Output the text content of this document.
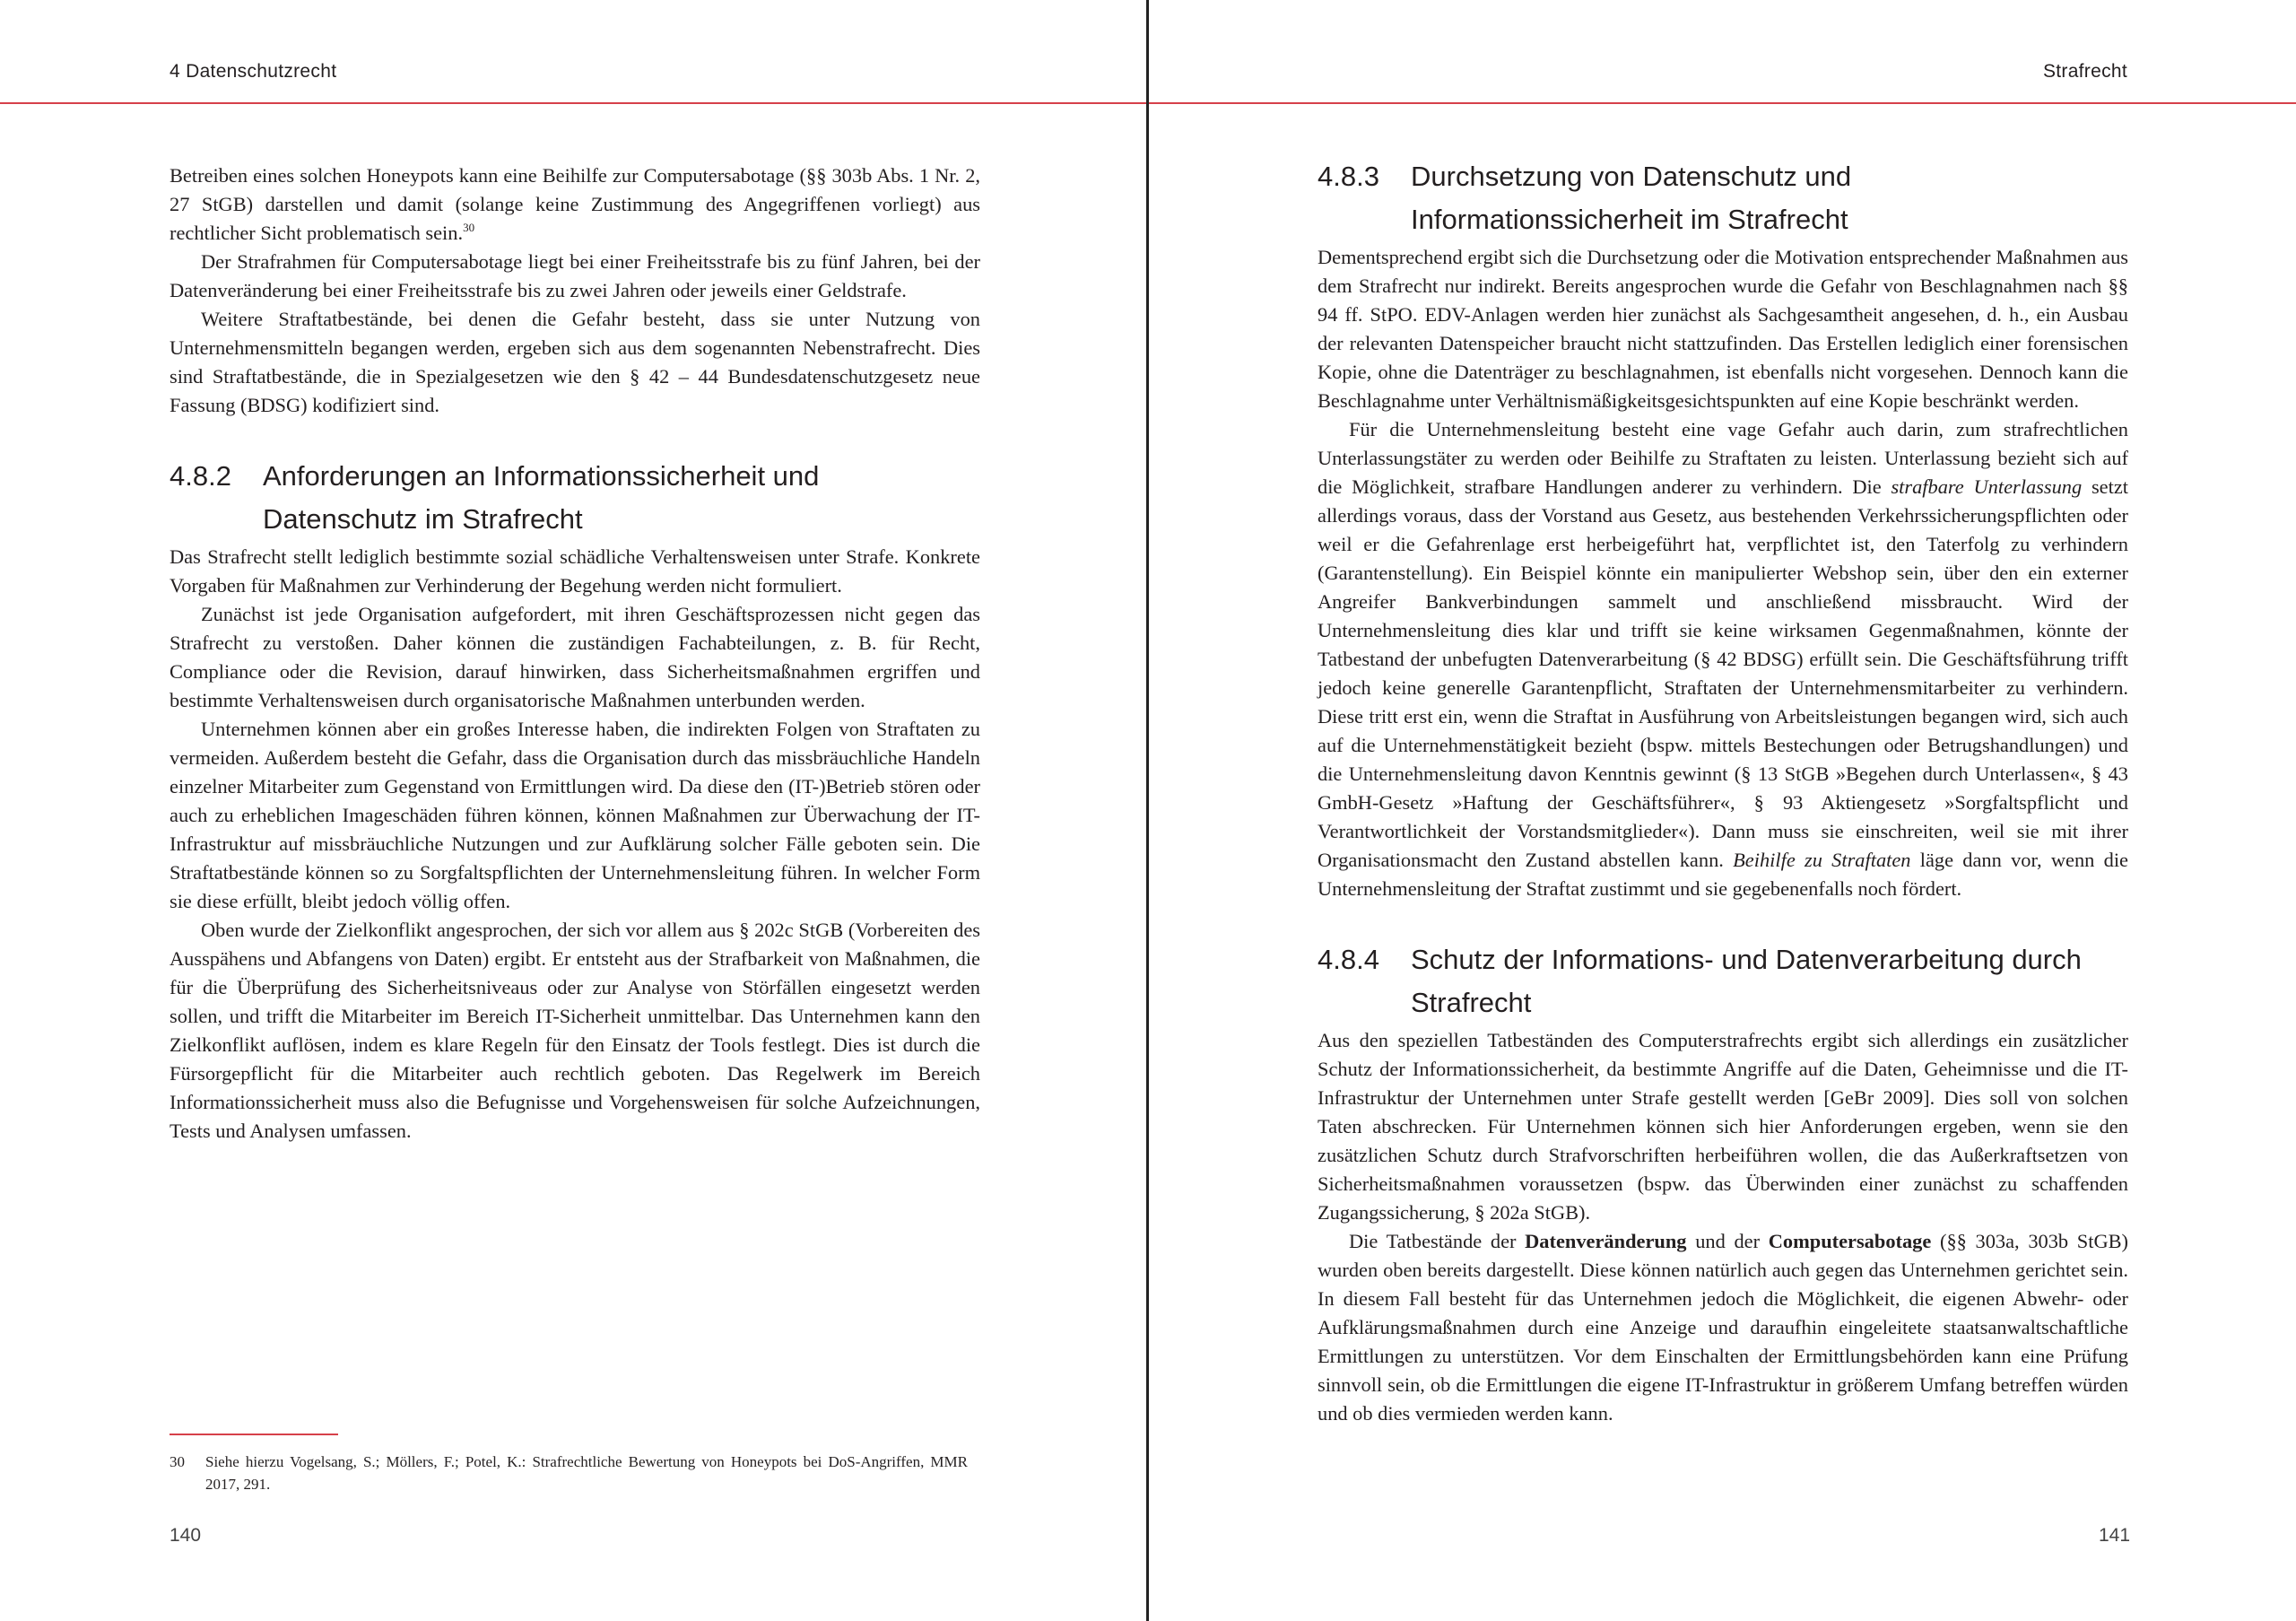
4 Datenschutzrecht	Strafrecht

Betreiben eines solchen Honeypots kann eine Beihilfe zur Computersabotage (§§ 303b Abs. 1 Nr. 2, 27 StGB) darstellen und damit (solange keine Zustimmung des Angegriffenen vorliegt) aus rechtlicher Sicht problematisch sein.$^{30}$

Der Strafrahmen für Computersabotage liegt bei einer Freiheitsstrafe bis zu fünf Jahren, bei der Datenveränderung bei einer Freiheitsstrafe bis zu zwei Jahren oder jeweils einer Geldstrafe.

Weitere Straftatbestände, bei denen die Gefahr besteht, dass sie unter Nutzung von Unternehmensmitteln begangen werden, ergeben sich aus dem sogenannten Nebenstrafrecht. Dies sind Straftatbestände, die in Spezialgesetzen wie den § 42 – 44 Bundesdatenschutzgesetz neue Fassung (BDSG) kodifiziert sind.

4.8.2 Anforderungen an Informationssicherheit und Datenschutz im Strafrecht

Das Strafrecht stellt lediglich bestimmte sozial schädliche Verhaltensweisen unter Strafe. Konkrete Vorgaben für Maßnahmen zur Verhinderung der Begehung werden nicht formuliert.

Zunächst ist jede Organisation aufgefordert, mit ihren Geschäftsprozessen nicht gegen das Strafrecht zu verstoßen. Daher können die zuständigen Fachabteilungen, z. B. für Recht, Compliance oder die Revision, darauf hinwirken, dass Sicherheitsmaßnahmen ergriffen und bestimmte Verhaltensweisen durch organisatorische Maßnahmen unterbunden werden.

Unternehmen können aber ein großes Interesse haben, die indirekten Folgen von Straftaten zu vermeiden. Außerdem besteht die Gefahr, dass die Organisation durch das missbräuchliche Handeln einzelner Mitarbeiter zum Gegenstand von Ermittlungen wird. Da diese den (IT-)Betrieb stören oder auch zu erheblichen Imageschäden führen können, können Maßnahmen zur Überwachung der IT-Infrastruktur auf missbräuchliche Nutzungen und zur Aufklärung solcher Fälle geboten sein. Die Straftatbestände können so zu Sorgfaltspflichten der Unternehmensleitung führen. In welcher Form sie diese erfüllt, bleibt jedoch völlig offen.

Oben wurde der Zielkonflikt angesprochen, der sich vor allem aus § 202c StGB (Vorbereiten des Ausspähens und Abfangens von Daten) ergibt. Er entsteht aus der Strafbarkeit von Maßnahmen, die für die Überprüfung des Sicherheitsniveaus oder zur Analyse von Störfällen eingesetzt werden sollen, und trifft die Mitarbeiter im Bereich IT-Sicherheit unmittelbar. Das Unternehmen kann den Zielkonflikt auflösen, indem es klare Regeln für den Einsatz der Tools festlegt. Dies ist durch die Fürsorgepflicht für die Mitarbeiter auch rechtlich geboten. Das Regelwerk im Bereich Informationssicherheit muss also die Befugnisse und Vorgehensweisen für solche Aufzeichnungen, Tests und Analysen umfassen.

30	Siehe hierzu Vogelsang, S.; Möllers, F.; Potel, K.: Strafrechtliche Bewertung von Honeypots bei DoS-Angriffen, MMR 2017, 291.
140
4.8.3 Durchsetzung von Datenschutz und Informationssicherheit im Strafrecht

Dementsprechend ergibt sich die Durchsetzung oder die Motivation entsprechender Maßnahmen aus dem Strafrecht nur indirekt. Bereits angesprochen wurde die Gefahr von Beschlagnahmen nach §§ 94 ff. StPO. EDV-Anlagen werden hier zunächst als Sachgesamtheit angesehen, d. h., ein Ausbau der relevanten Datenspeicher braucht nicht stattzufinden. Das Erstellen lediglich einer forensischen Kopie, ohne die Datenträger zu beschlagnahmen, ist ebenfalls nicht vorgesehen. Dennoch kann die Beschlagnahme unter Verhältnismäßigkeitsgesichtspunkten auf eine Kopie beschränkt werden.

Für die Unternehmensleitung besteht eine vage Gefahr auch darin, zum strafrechtlichen Unterlassungstäter zu werden oder Beihilfe zu Straftaten zu leisten. Unterlassung bezieht sich auf die Möglichkeit, strafbare Handlungen anderer zu verhindern. Die strafbare Unterlassung setzt allerdings voraus, dass der Vorstand aus Gesetz, aus bestehenden Verkehrssicherungspflichten oder weil er die Gefahrenlage erst herbeigeführt hat, verpflichtet ist, den Taterfolg zu verhindern (Garantenstellung). Ein Beispiel könnte ein manipulierter Webshop sein, über den ein externer Angreifer Bankverbindungen sammelt und anschließend missbraucht. Wird der Unternehmensleitung dies klar und trifft sie keine wirksamen Gegenmaßnahmen, könnte der Tatbestand der unbefugten Datenverarbeitung (§ 42 BDSG) erfüllt sein. Die Geschäftsführung trifft jedoch keine generelle Garantenpflicht, Straftaten der Unternehmensmitarbeiter zu verhindern. Diese tritt erst ein, wenn die Straftat in Ausführung von Arbeitsleistungen begangen wird, sich auch auf die Unternehmenstätigkeit bezieht (bspw. mittels Bestechungen oder Betrugshandlungen) und die Unternehmensleitung davon Kenntnis gewinnt (§ 13 StGB »Begehen durch Unterlassen«, § 43 GmbH-Gesetz »Haftung der Geschäftsführer«, § 93 Aktiengesetz »Sorgfaltspflicht und Verantwortlichkeit der Vorstandsmitglieder«). Dann muss sie einschreiten, weil sie mit ihrer Organisationsmacht den Zustand abstellen kann. Beihilfe zu Straftaten läge dann vor, wenn die Unternehmensleitung der Straftat zustimmt und sie gegebenenfalls noch fördert.

4.8.4 Schutz der Informations- und Datenverarbeitung durch Strafrecht

Aus den speziellen Tatbeständen des Computerstrafrechts ergibt sich allerdings ein zusätzlicher Schutz der Informationssicherheit, da bestimmte Angriffe auf die Daten, Geheimnisse und die IT-Infrastruktur der Unternehmen unter Strafe gestellt werden [GeBr 2009]. Dies soll von solchen Taten abschrecken. Für Unternehmen können sich hier Anforderungen ergeben, wenn sie den zusätzlichen Schutz durch Strafvorschriften herbeiführen wollen, die das Außerkraftsetzen von Sicherheitsmaßnahmen voraussetzen (bspw. das Überwinden einer zunächst zu schaffenden Zugangssicherung, § 202a StGB).

Die Tatbestände der Datenveränderung und der Computersabotage (§§ 303a, 303b StGB) wurden oben bereits dargestellt. Diese können natürlich auch gegen das Unternehmen gerichtet sein. In diesem Fall besteht für das Unternehmen jedoch die Möglichkeit, die eigenen Abwehr- oder Aufklärungsmaßnahmen durch eine Anzeige und daraufhin eingeleitete staatsanwaltschaftliche Ermittlungen zu unterstützen. Vor dem Einschalten der Ermittlungsbehörden kann eine Prüfung sinnvoll sein, ob die Ermittlungen die eigene IT-Infrastruktur in größerem Umfang betreffen würden und ob dies vermieden werden kann.

141
